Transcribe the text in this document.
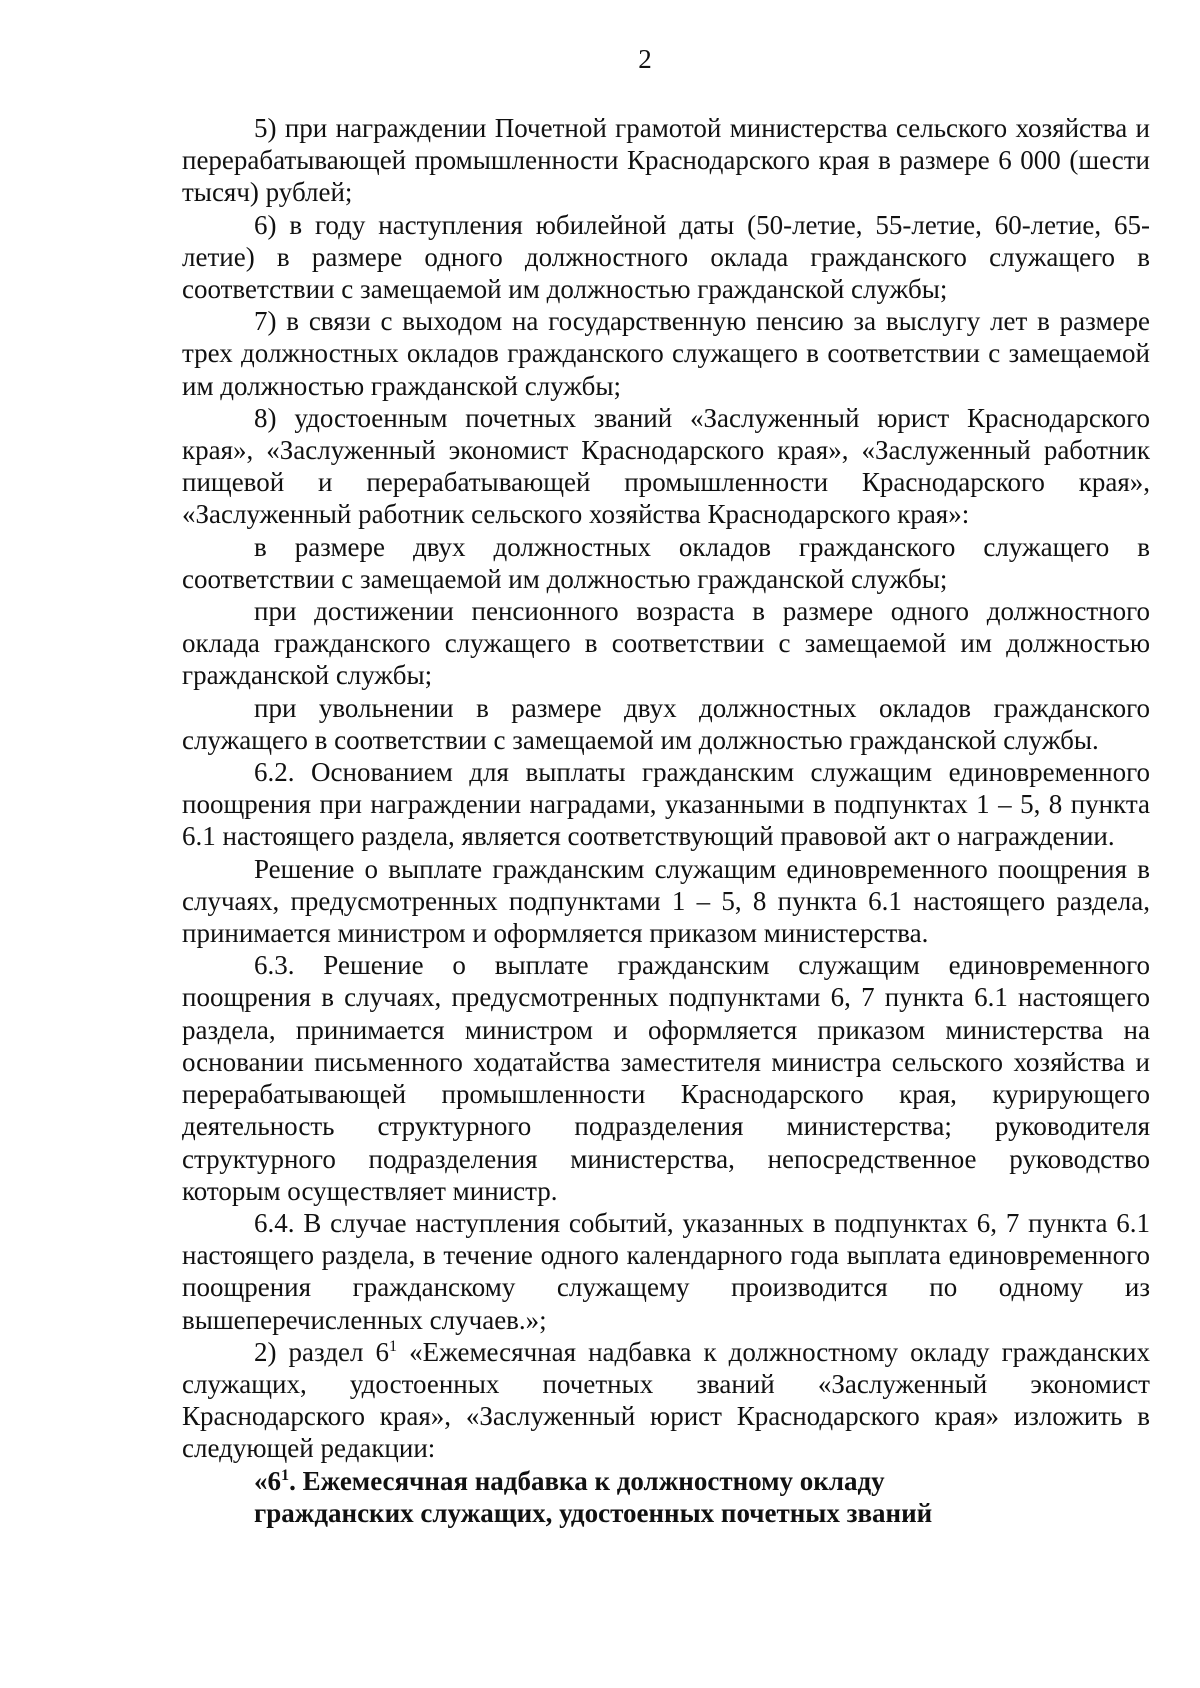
2

5) при награждении Почетной грамотой министерства сельского хозяйства и перерабатывающей промышленности Краснодарского края в размере 6 000 (шести тысяч) рублей;

6) в году наступления юбилейной даты (50-летие, 55-летие, 60-летие, 65-летие) в размере одного должностного оклада гражданского служащего в соответствии с замещаемой им должностью гражданской службы;

7) в связи с выходом на государственную пенсию за выслугу лет в размере трех должностных окладов гражданского служащего в соответствии с замещаемой им должностью гражданской службы;

8) удостоенным почетных званий «Заслуженный юрист Краснодарского края», «Заслуженный экономист Краснодарского края», «Заслуженный работник пищевой и перерабатывающей промышленности Краснодарского края», «Заслуженный работник сельского хозяйства Краснодарского края»:

в размере двух должностных окладов гражданского служащего в соответствии с замещаемой им должностью гражданской службы;

при достижении пенсионного возраста в размере одного должностного оклада гражданского служащего в соответствии с замещаемой им должностью гражданской службы;

при увольнении в размере двух должностных окладов гражданского служащего в соответствии с замещаемой им должностью гражданской службы.

6.2. Основанием для выплаты гражданским служащим единовременного поощрения при награждении наградами, указанными в подпунктах 1 – 5, 8 пункта 6.1 настоящего раздела, является соответствующий правовой акт о награждении.

Решение о выплате гражданским служащим единовременного поощрения в случаях, предусмотренных подпунктами 1 – 5, 8 пункта 6.1 настоящего раздела, принимается министром и оформляется приказом министерства.

6.3. Решение о выплате гражданским служащим единовременного поощрения в случаях, предусмотренных подпунктами 6, 7 пункта 6.1 настоящего раздела, принимается министром и оформляется приказом министерства на основании письменного ходатайства заместителя министра сельского хозяйства и перерабатывающей промышленности Краснодарского края, курирующего деятельность структурного подразделения министерства; руководителя структурного подразделения министерства, непосредственное руководство которым осуществляет министр.

6.4. В случае наступления событий, указанных в подпунктах 6, 7 пункта 6.1 настоящего раздела, в течение одного календарного года выплата единовременного поощрения гражданскому служащему производится по одному из вышеперечисленных случаев.»;

2) раздел $6^1$ «Ежемесячная надбавка к должностному окладу гражданских служащих, удостоенных почетных званий «Заслуженный экономист Краснодарского края», «Заслуженный юрист Краснодарского края» изложить в следующей редакции:

«$6^1$. Ежемесячная надбавка к должностному окладу

гражданских служащих, удостоенных почетных званий
